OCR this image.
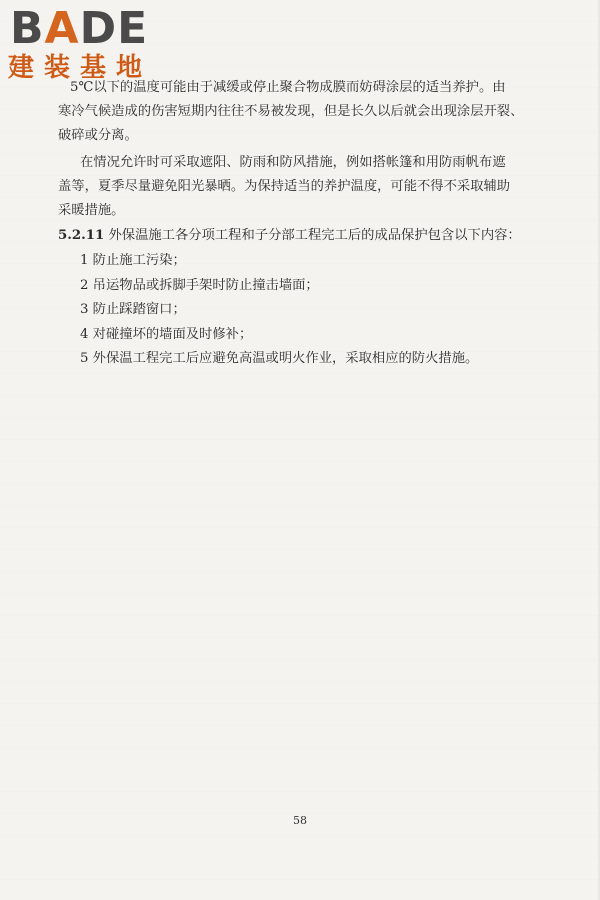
BADE
建装基地

5℃以下的温度可能由于减缓或停止聚合物成膜而妨碍涂层的适当养护。由

寒冷气候造成的伤害短期内往往不易被发现，但是长久以后就会出现涂层开裂、

破碎或分离。

在情况允许时可采取遮阳、防雨和防风措施，例如搭帐篷和用防雨帆布遮

盖等，夏季尽量避免阳光暴晒。为保持适当的养护温度，可能不得不采取辅助

采暖措施。

5.2.11 外保温施工各分项工程和子分部工程完工后的成品保护包含以下内容：

1 防止施工污染；

2 吊运物品或拆脚手架时防止撞击墙面；

3 防止踩踏窗口；

4 对碰撞坏的墙面及时修补；

5 外保温工程完工后应避免高温或明火作业，采取相应的防火措施。

58
